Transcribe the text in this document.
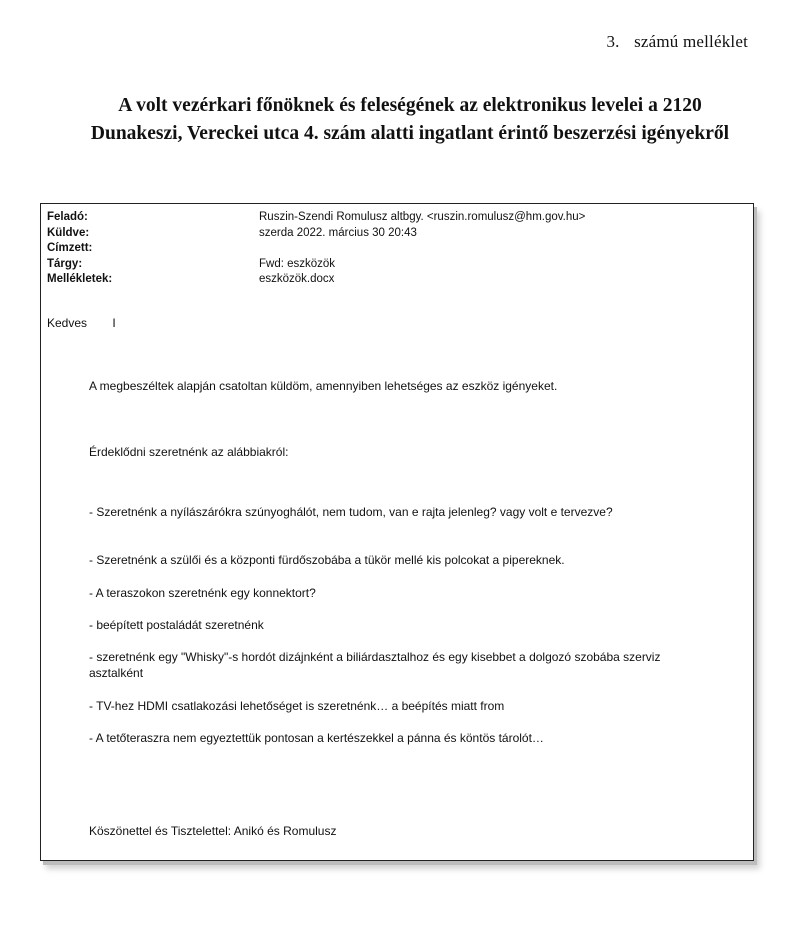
3. számú melléklet
A volt vezérkari főnöknek és feleségének az elektronikus levelei a 2120
Dunakeszi, Vereckei utca 4. szám alatti ingatlant érintő beszerzési igényekről
Feladó:	Ruszin-Szendi Romulusz altbgy. <ruszin.romulusz@hm.gov.hu>
Küldve:	szerda 2022. március 30 20:43
Címzett:
Tárgy:	Fwd: eszközök
Mellékletek:	eszközök.docx
Kedves I
A megbeszéltek alapján csatoltan küldöm, amennyiben lehetséges az eszköz igényeket.
Érdeklődni szeretnénk az alábbiakról:
- Szeretnénk a nyílászárókra szúnyoghálót, nem tudom, van e rajta jelenleg? vagy volt e tervezve?
- Szeretnénk a szülői és a központi fürdőszobába a tükör mellé kis polcokat a pipereknek.
- A teraszokon szeretnénk egy konnektort?
- beépített postaládát szeretnénk
- szeretnénk egy "Whisky"-s hordót dizájnként a biliárdasztalhoz és egy kisebbet a dolgozó szobába szerviz asztalként
- TV-hez HDMI csatlakozási lehetőséget is szeretnénk… a beépítés miatt from
- A tetőteraszra nem egyeztettük pontosan a kertészekkel a pánna és köntös tárolót…
Köszönettel és Tisztelettel: Anikó és Romulusz
